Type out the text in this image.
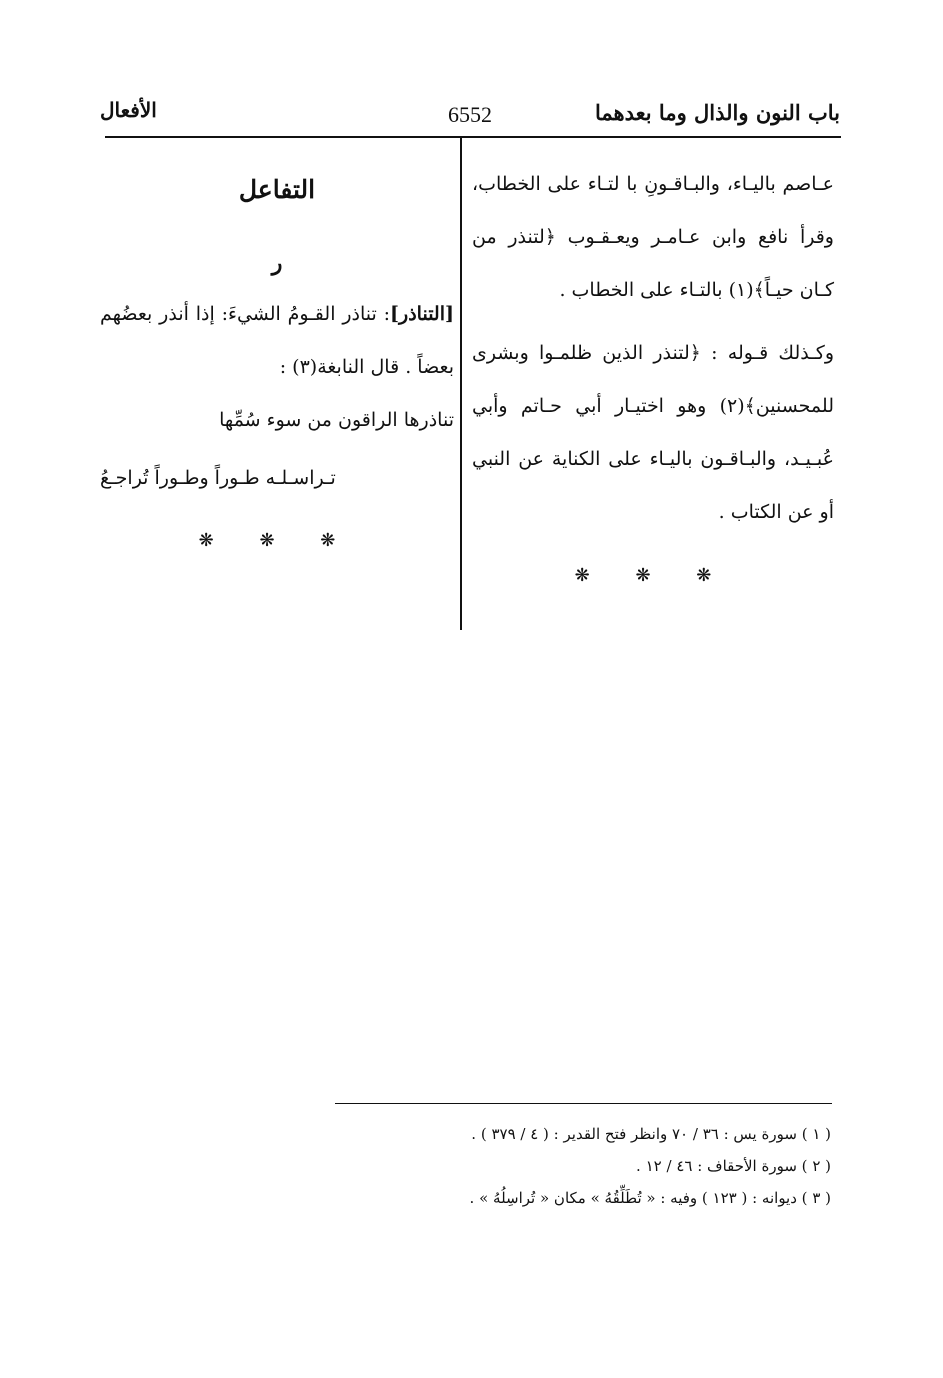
باب النون والذال وما بعدهما
6552
الأفعال

عـاصم باليـاء، والبـاقـونِ با لتـاء على الخطاب، وقرأ نافع وابن عـامـر ويعـقـوب ﴿لتنذر من كـان حيـاً﴾(١) بالتـاء على الخطاب .

وكـذلك قـوله : ﴿لتنذر الذين ظلمـوا وبشرى للمحسنين﴾(٢) وهو اختيـار أبي حـاتم وأبي عُبـيـد، والبـاقـون باليـاء على الكناية عن النبي أو عن الكتاب .

❋ ❋ ❋
التفاعل
ر

[التناذر]: تناذر القـومُ الشيءَ: إذا أنذر بعضُهم بعضاً . قال النابغة(٣) :

تناذرها الراقون من سوء سُمِّها

تـراسـلـه طـوراً وطـوراً تُراجـعُ

❋ ❋ ❋

( ١ ) سورة يس : ٣٦ / ٧٠ وانظر فتح القدير : ( ٤ / ٣٧٩ ) .

( ٢ ) سورة الأحقاف : ٤٦ / ١٢ .

( ٣ ) ديوانه : ( ١٢٣ ) وفيه : « تُطَلِّقُهُ » مكان « تُراسِلُهُ » .
